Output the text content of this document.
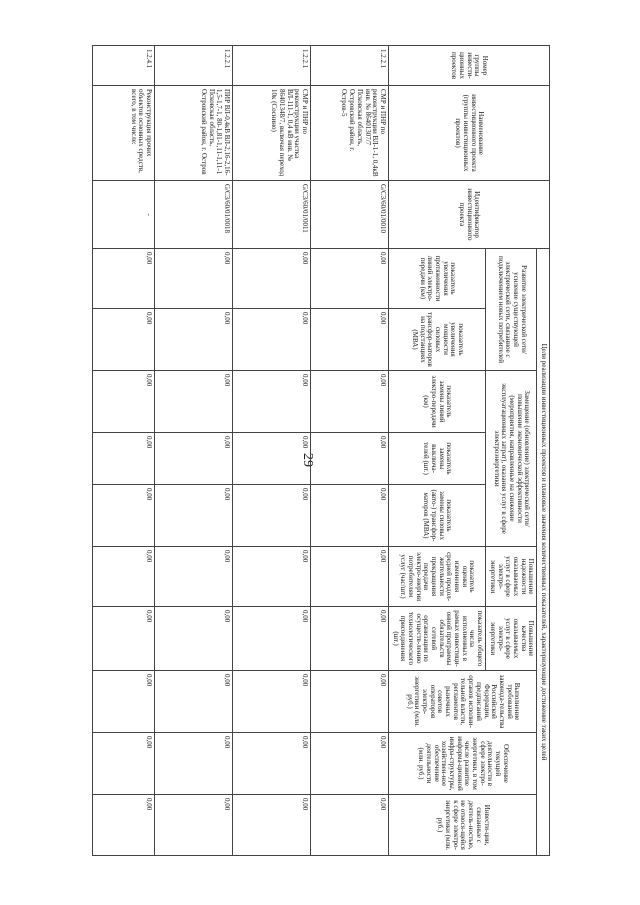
29
Номер группы инвести-ционных проектов	Наименование инвестиционного проекта (группы инвестиционных проектов)	Идентификатор инвестиционного проекта	Цели реализации инвестиционных проектов и плановые значения количественных показателей, характеризующие достижение таких целей									
			Развитие электрической сети/усиление существующей электрической сети, связанное с подключением новых потребителей		Замещение (обновление) электрической сети/повышение экономической эффективности (мероприятия, направленные на снижение эксплуатационных затрат), оказания услуг в сфере электроэнергетики			Повышение надежности оказываемых услуг в сфере электро-энергетики	Повышение качества оказываемых услуг в сфере электро-энергетики	Выполнение требований законода-тельства Российской Федерации, предписаний органов исполни-тельной власти, регламентов рыночных советов операторов электро-энергетики (млн. руб.)	Обеспечение текущей деятельности в сфере электро-энергетики, в том числе развитие информа-ционной инфра-структуры, хозяйствен-ное обеспечение деятельности (млн. руб.)	Инвести-ции, связанные с деятель-ностью, не относя-щейся к сфере электро-энергетики (млн. руб.)
			показатель увеличения протяженности линий электро-передачи (км)	показатель увеличения мощности силовых трансфор-маторов на подстанциях (МВА)	показатель замены линий электро-передачи (км)	показатель замены выключа-телей (шт.)	показатель замены силовых (авто-) трансфор-маторов (МВА)	показатель оценки изменения средней продол-жительности прекращения передачи электро-энергии потребителям услуг (час/шт.)	показатель общего числа исполненных в рамках инвестици-онной программы обязательств сетевой организации по осуществ-лению технологического присоединения (шт.)			
1.2.2.1	СМР и ПНР по реконструкции ВЛ-1-1, 0,4кВ инв. № 86401307/7 Псковская область, Островский район, г. Остров-5	G/C3/60/01/0010	0,00	0,00	0,00	0,00	0,00	0,00	0,00	0,00	0,00	0,00
1.2.2.1	СМР и ПНР по реконструкции участка ВЛ-111-1, 0,4 кВ инв. № 86401348/7, включая переход 10к (Cocнинo)	G/C3/60/01/0011	0,00	0,00	0,00	0,00	0,00	0,00	0,00	0,00	0,00	0,00
1.2.2.1	ПИР ВЛ-0,4кВ ВЛ-2,16-2,16-1,5-1,7-1, 80-1,81-1,11-1,11-1 Псковская область, Островский район, г. Остров	G/C3/60/01/0018	0,00	0,00	0,00	0,00	0,00	0,00	0,00	0,00	0,00	0,00
1.2.4.1	Реконструкция прочих объектов основных средств, всего, в том числе:	-	0,00	0,00	0,00	0,00	0,00	0,00	0,00	0,00	0,00	0,00
